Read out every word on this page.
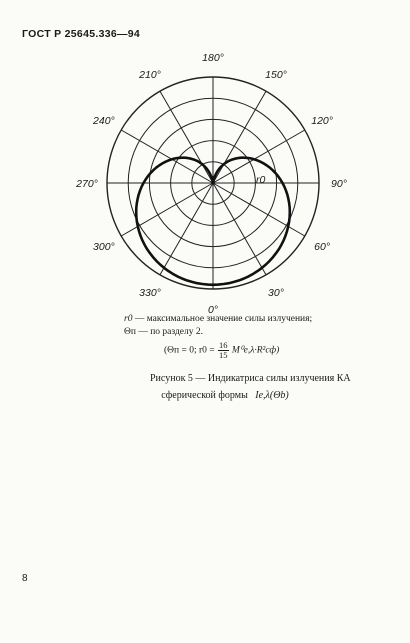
ГОСТ Р 25645.336—94
0°
30°
60°
90°
120°
150°
180°
210°
240°
270°
300°
330°
r0
r0 — максимальное значение силы излучения;
Θп — по разделу 2.
(Θп = 0; $r0 = \frac{16}{15} M^0e,\lambda\cdot R^2сф$)
Рисунок 5 — Индикатриса силы излучения КА
сферической формы Ie,λ(Θb)
8
